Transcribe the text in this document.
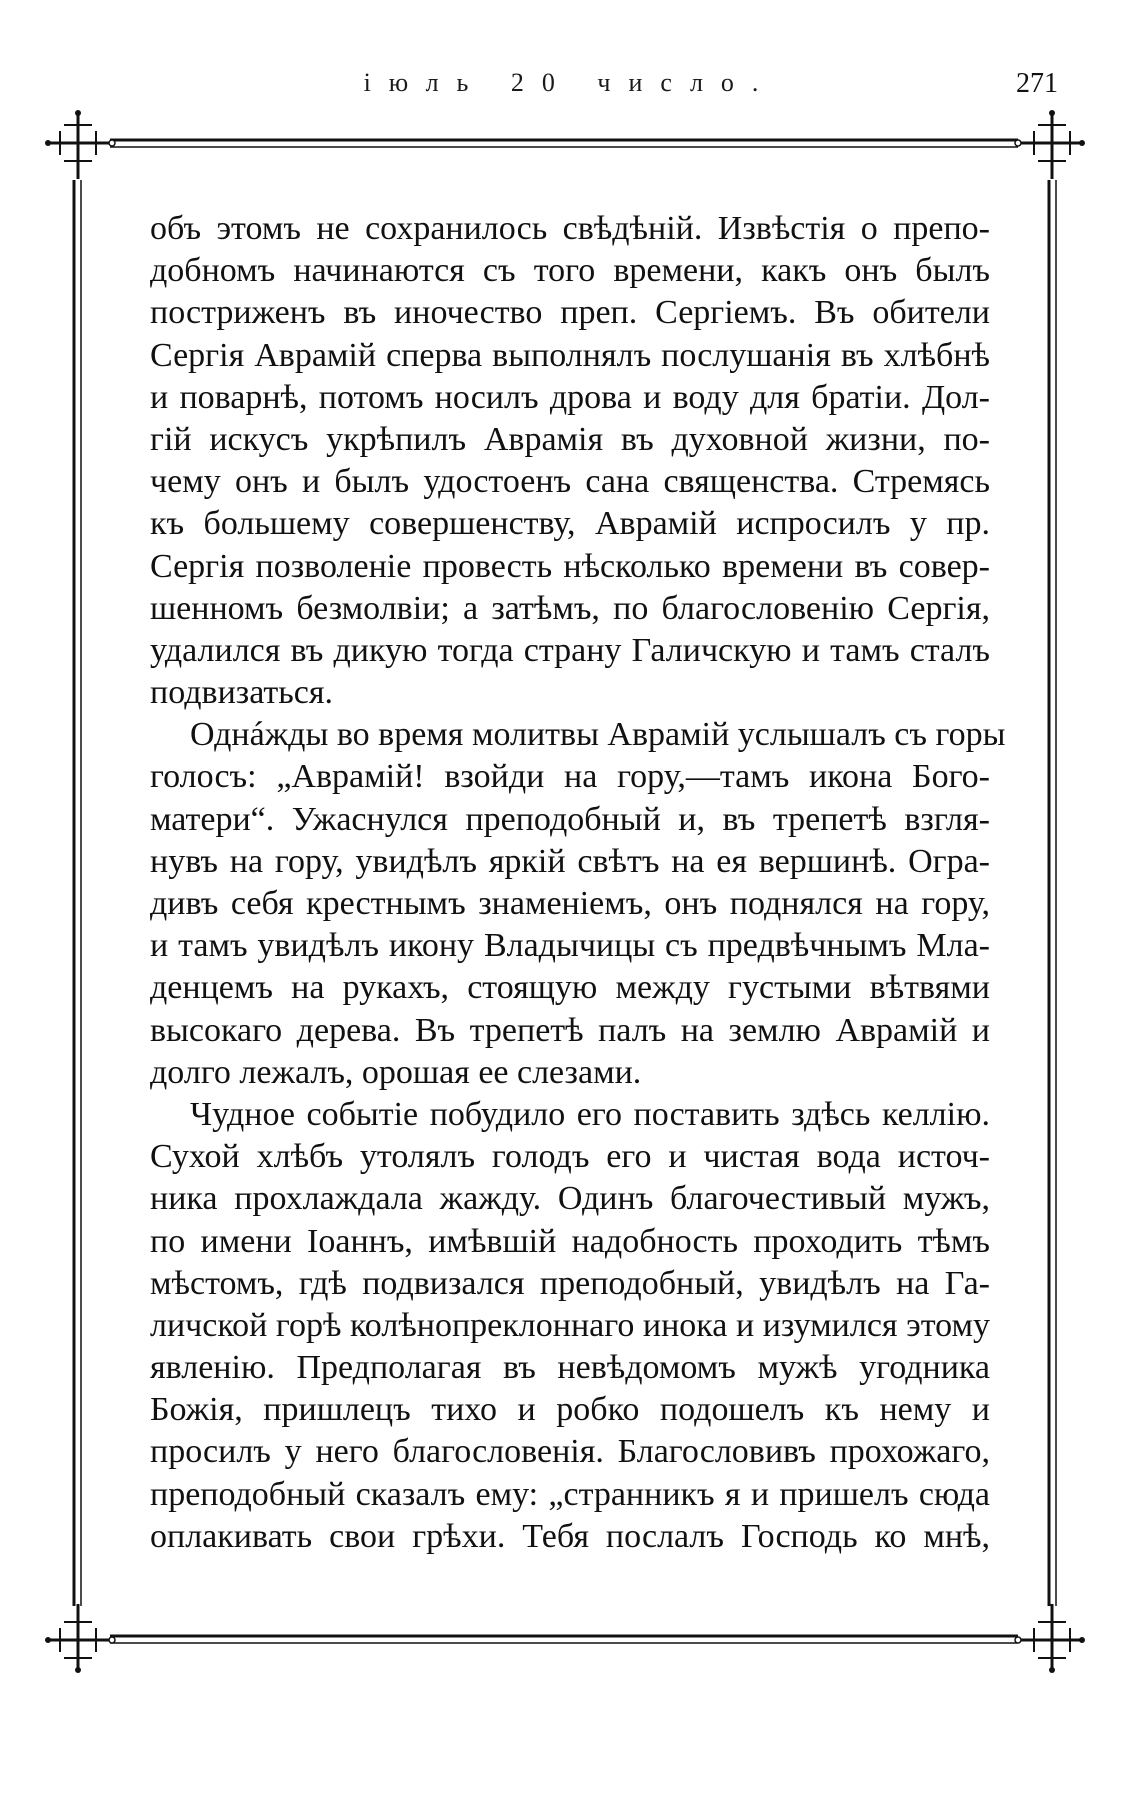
іюль 20 число.	271
объ этомъ не сохранилось свѣдѣній. Извѣстія о препо-
добномъ начинаются съ того времени, какъ онъ былъ
постриженъ въ иночество преп. Сергіемъ. Въ обители
Сергія Аврамій сперва выполнялъ послушанія въ хлѣбнѣ
и поварнѣ, потомъ носилъ дрова и воду для братіи. Дол-
гій искусъ укрѣпилъ Аврамія въ духовной жизни, по-
чему онъ и былъ удостоенъ сана священства. Стремясь
къ большему совершенству, Аврамій испросилъ у пр.
Сергія позволеніе провесть нѣсколько времени въ совер-
шенномъ безмолвіи; а затѣмъ, по благословенію Сергія,
удалился въ дикую тогда страну Галичскую и тамъ сталъ
подвизаться.
Однáжды во время молитвы Аврамій услышалъ съ горы
голосъ: „Аврамій! взойди на гору,—тамъ икона Бого-
матери“. Ужаснулся преподобный и, въ трепетѣ взгля-
нувъ на гору, увидѣлъ яркій свѣтъ на ея вершинѣ. Огра-
дивъ себя крестнымъ знаменіемъ, онъ поднялся на гору,
и тамъ увидѣлъ икону Владычицы съ предвѣчнымъ Мла-
денцемъ на рукахъ, стоящую между густыми вѣтвями
высокаго дерева. Въ трепетѣ палъ на землю Аврамій и
долго лежалъ, орошая ее слезами.
Чудное событіе побудило его поставить здѣсь келлію.
Сухой хлѣбъ утолялъ голодъ его и чистая вода источ-
ника прохлаждала жажду. Одинъ благочестивый мужъ,
по имени Іоаннъ, имѣвшій надобность проходить тѣмъ
мѣстомъ, гдѣ подвизался преподобный, увидѣлъ на Га-
личской горѣ колѣнопреклоннаго инока и изумился этому
явленію. Предполагая въ невѣдомомъ мужѣ угодника
Божія, пришлецъ тихо и робко подошелъ къ нему и
просилъ у него благословенія. Благословивъ прохожаго,
преподобный сказалъ ему: „странникъ я и пришелъ сюда
оплакивать свои грѣхи. Тебя послалъ Господь ко мнѣ,
